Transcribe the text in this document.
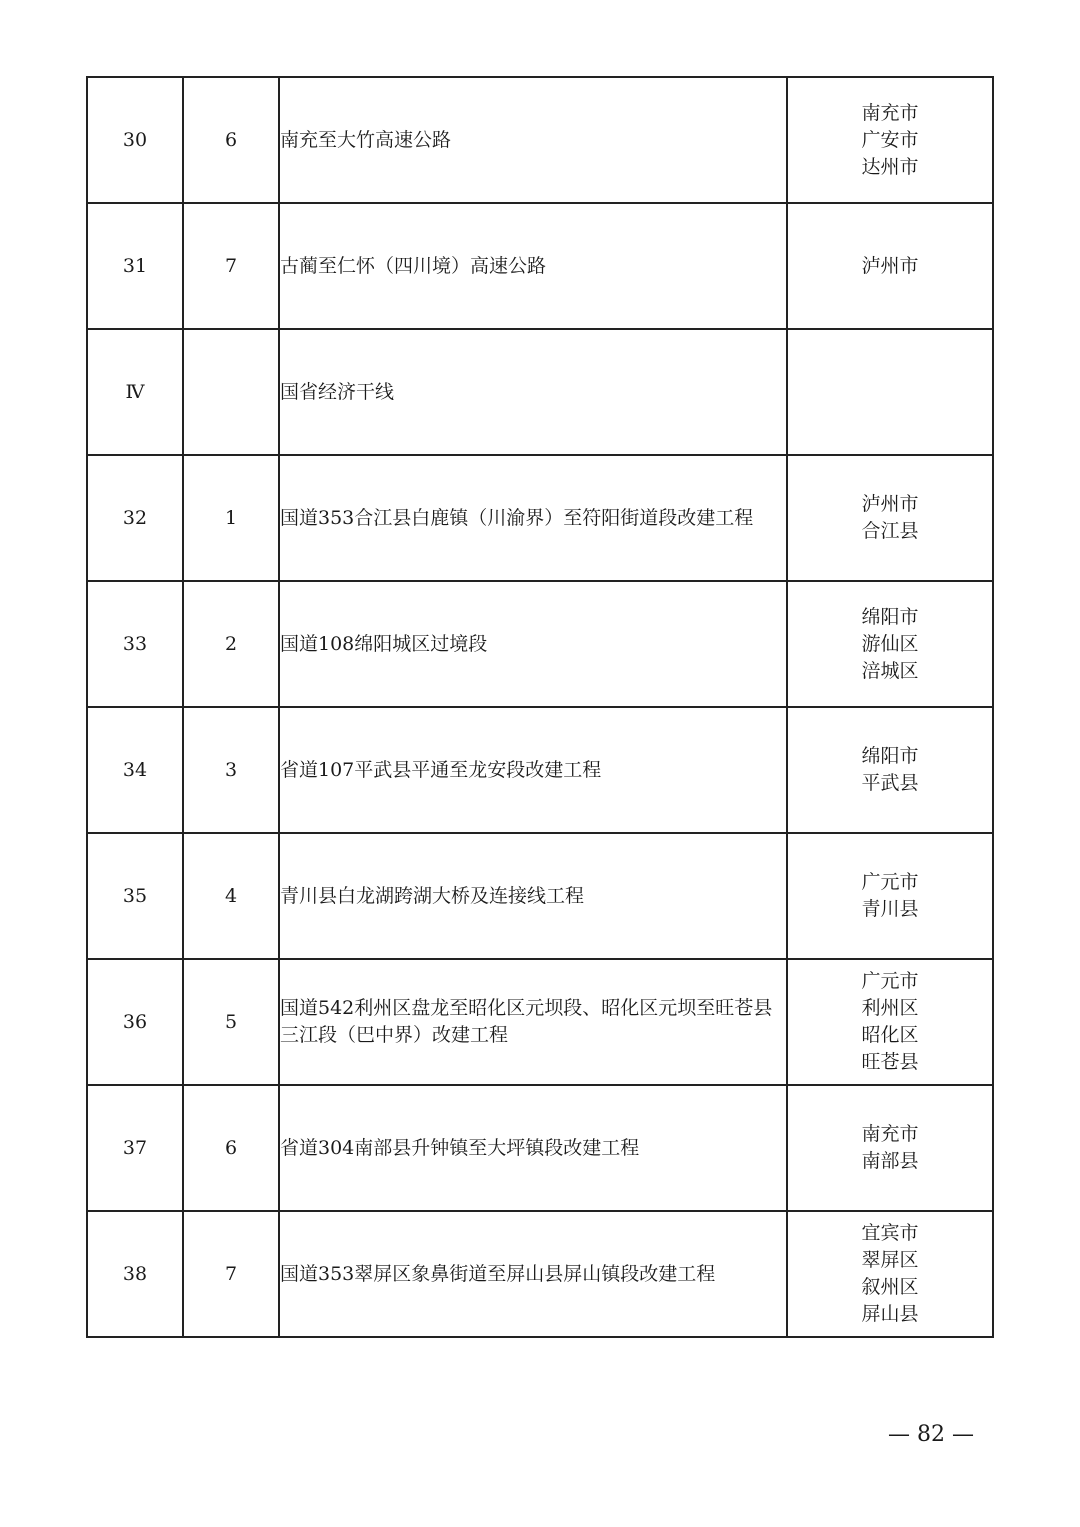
30	6	南充至大竹高速公路	南充市
广安市
达州市

31	7	古蔺至仁怀（四川境）高速公路	泸州市

Ⅳ		国省经济干线	
32	1	国道353合江县白鹿镇（川渝界）至符阳街道段改建工程	泸州市
合江县

33	2	国道108绵阳城区过境段	绵阳市
游仙区
涪城区

34	3	省道107平武县平通至龙安段改建工程	绵阳市
平武县

35	4	青川县白龙湖跨湖大桥及连接线工程	广元市
青川县

36	5	国道542利州区盘龙至昭化区元坝段、昭化区元坝至旺苍县三江段（巴中界）改建工程	广元市
利州区
昭化区
旺苍县

37	6	省道304南部县升钟镇至大坪镇段改建工程	南充市
南部县

38	7	国道353翠屏区象鼻街道至屏山县屏山镇段改建工程	宜宾市
翠屏区
叙州区
屏山县
— 82 —
